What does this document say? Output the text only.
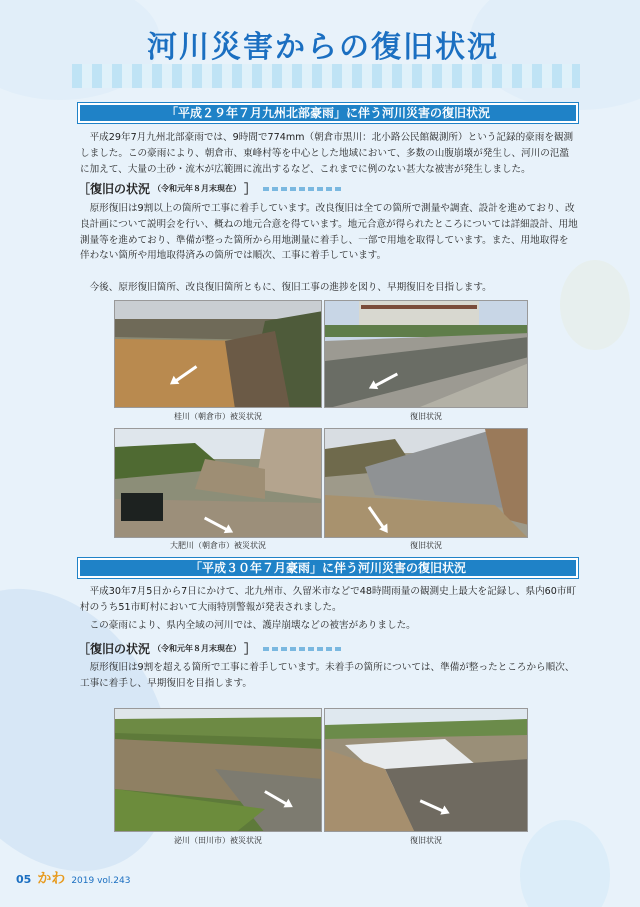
河川災害からの復旧状況
「平成２９年７月九州北部豪雨」に伴う河川災害の復旧状況

平成29年7月九州北部豪雨では、9時間で774mm（朝倉市黒川：北小路公民館観測所）という記録的豪雨を観測しました。この豪雨により、朝倉市、東峰村等を中心とした地域において、多数の山腹崩壊が発生し、河川の氾濫に加えて、大量の土砂・流木が広範囲に流出するなど、これまでに例のない甚大な被害が発生しました。

［復旧の状況 （令和元年８月末現在） ］

原形復旧は9割以上の箇所で工事に着手しています。改良復旧は全ての箇所で測量や調査、設計を進めており、改良計画について説明会を行い、概ねの地元合意を得ています。地元合意が得られたところについては詳細設計、用地測量等を進めており、準備が整った箇所から用地測量に着手し、一部で用地を取得しています。また、用地取得を伴わない箇所や用地取得済みの箇所では順次、工事に着手しています。

今後、原形復旧箇所、改良復旧箇所ともに、復旧工事の進捗を図り、早期復旧を目指します。

桂川（朝倉市）被災状況	復旧状況
大肥川（朝倉市）被災状況	復旧状況
「平成３０年７月豪雨」に伴う河川災害の復旧状況

平成30年7月5日から7日にかけて、北九州市、久留米市などで48時間雨量の観測史上最大を記録し、県内60市町村のうち51市町村において大雨特別警報が発表されました。

この豪雨により、県内全域の河川では、護岸崩壊などの被害がありました。

［復旧の状況 （令和元年８月末現在） ］

原形復旧は9割を超える箇所で工事に着手しています。未着手の箇所については、準備が整ったところから順次、工事に着手し、早期復旧を目指します。

泌川（田川市）被災状況	復旧状況
05 かわ 2019 vol.243
